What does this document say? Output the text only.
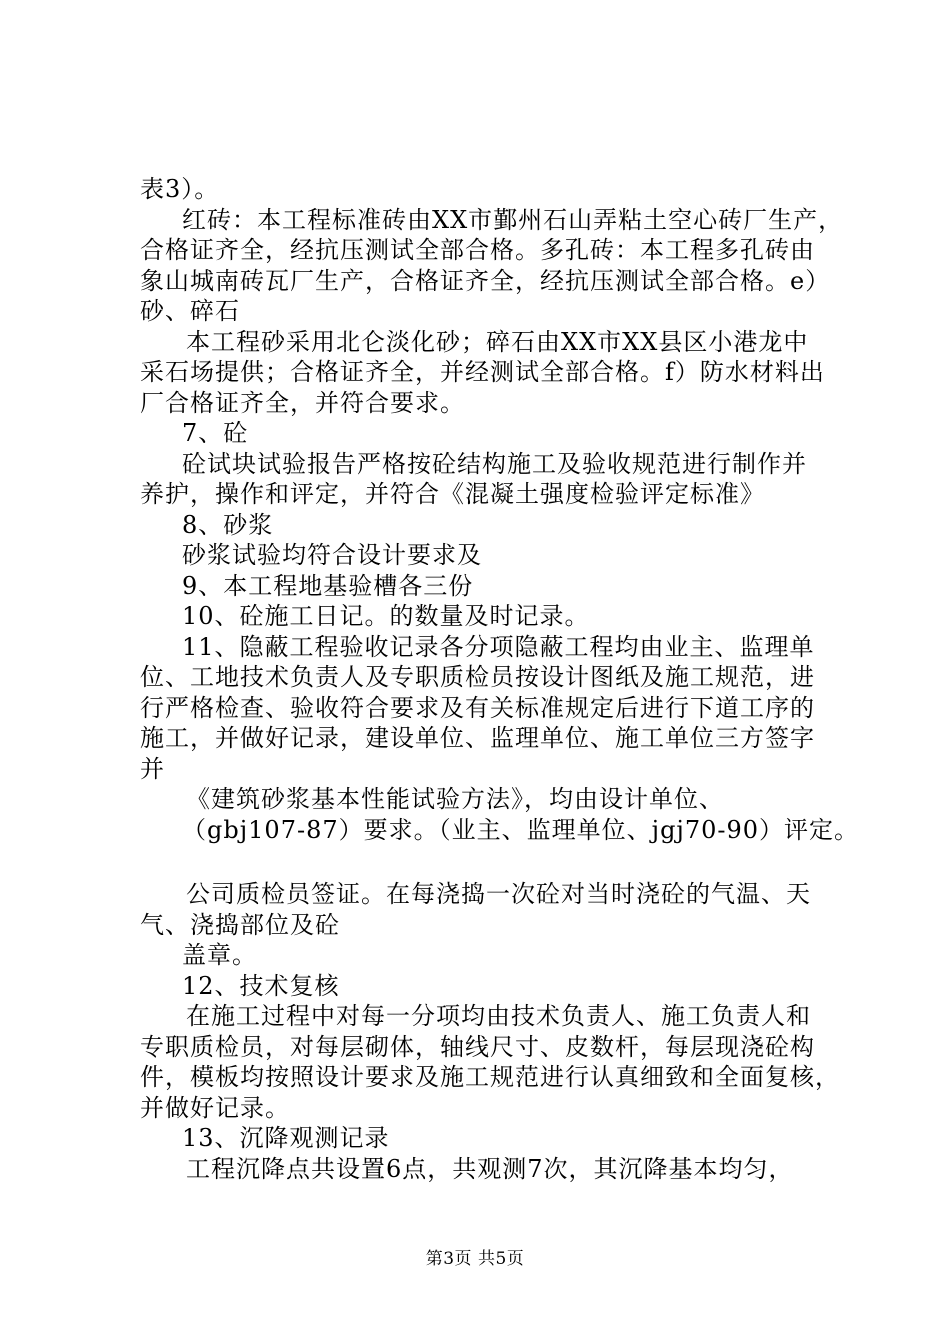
表3）。
红砖：本工程标准砖由XX市鄞州石山弄粘土空心砖厂生产，
合格证齐全，经抗压测试全部合格。多孔砖：本工程多孔砖由
象山城南砖瓦厂生产，合格证齐全，经抗压测试全部合格。e）
砂、碎石
本工程砂采用北仑淡化砂；碎石由XX市XX县区小港龙中
采石场提供；合格证齐全，并经测试全部合格。f）防水材料出
厂合格证齐全，并符合要求。
7、砼
砼试块试验报告严格按砼结构施工及验收规范进行制作并
养护，操作和评定，并符合《混凝土强度检验评定标准》
8、砂浆
砂浆试验均符合设计要求及
9、本工程地基验槽各三份
10、砼施工日记。的数量及时记录。
11、隐蔽工程验收记录各分项隐蔽工程均由业主、监理单
位、工地技术负责人及专职质检员按设计图纸及施工规范，进
行严格检查、验收符合要求及有关标准规定后进行下道工序的
施工，并做好记录，建设单位、监理单位、施工单位三方签字
并
《建筑砂浆基本性能试验方法》，均由设计单位、
（gbj107-87）要求。（业主、监理单位、jgj70-90）评定。
公司质检员签证。在每浇捣一次砼对当时浇砼的气温、天
气、浇捣部位及砼
盖章。
12、技术复核
在施工过程中对每一分项均由技术负责人、施工负责人和
专职质检员，对每层砌体，轴线尺寸、皮数杆，每层现浇砼构
件，模板均按照设计要求及施工规范进行认真细致和全面复核，
并做好记录。
13、沉降观测记录
工程沉降点共设置6点，共观测7次，其沉降基本均匀，
第3页 共5页
